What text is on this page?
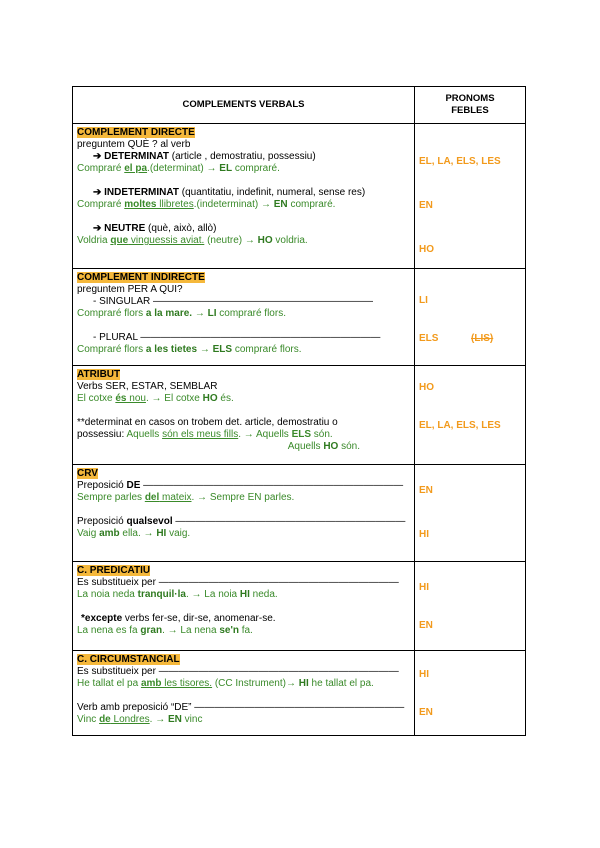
COMPLEMENTS VERBALS	PRONOMS
FEBLES
COMPLEMENT DIRECTE
preguntem QUÈ ? al verb
➔ DETERMINAT (article , demostratiu, possessiu)
Compraré el pa.(determinat) → EL compraré.
➔ INDETERMINAT (quantitatiu, indefinit, numeral, sense res)
Compraré moltes llibretes.(indeterminat) → EN compraré.
➔ NEUTRE (què, això, allò)
Voldria que vinguessis aviat. (neutre) → HO voldria.
EL, LA, ELS, LES
EN
HO
COMPLEMENT INDIRECTE
preguntem PER A QUI?
- SINGULAR ——————————————————————
Compraré flors a la mare. → LI compraré flors.
- PLURAL ————————————————————————
Compraré flors a les tietes → ELS compraré flors.
LI
ELS	(LIS)
ATRIBUT
Verbs SER, ESTAR, SEMBLAR
El cotxe és nou. → El cotxe HO és.
**determinat en casos on trobem det. article, demostratiu o
possessiu: Aquells són els meus fills. → Aquells ELS són.
Aquells HO són.
HO
EL, LA, ELS, LES
CRV
Preposició DE ——————————————————————————
Sempre parles del mateix. → Sempre EN parles.
Preposició qualsevol ———————————————————————
Vaig amb ella. → HI vaig.
EN
HI
C. PREDICATIU
Es substitueix per ————————————————————————
La noia neda tranquil·la. → La noia HI neda.
*excepte verbs fer-se, dir-se, anomenar-se.
La nena es fa gran. → La nena se'n fa.
HI
EN
C. CIRCUMSTANCIAL
Es substitueix per ————————————————————————
He tallat el pa amb les tisores. (CC Instrument)→ HI he tallat el pa.
Verb amb preposició “DE” —————————————————————
Vinc de Londres. → EN vinc
HI
EN
